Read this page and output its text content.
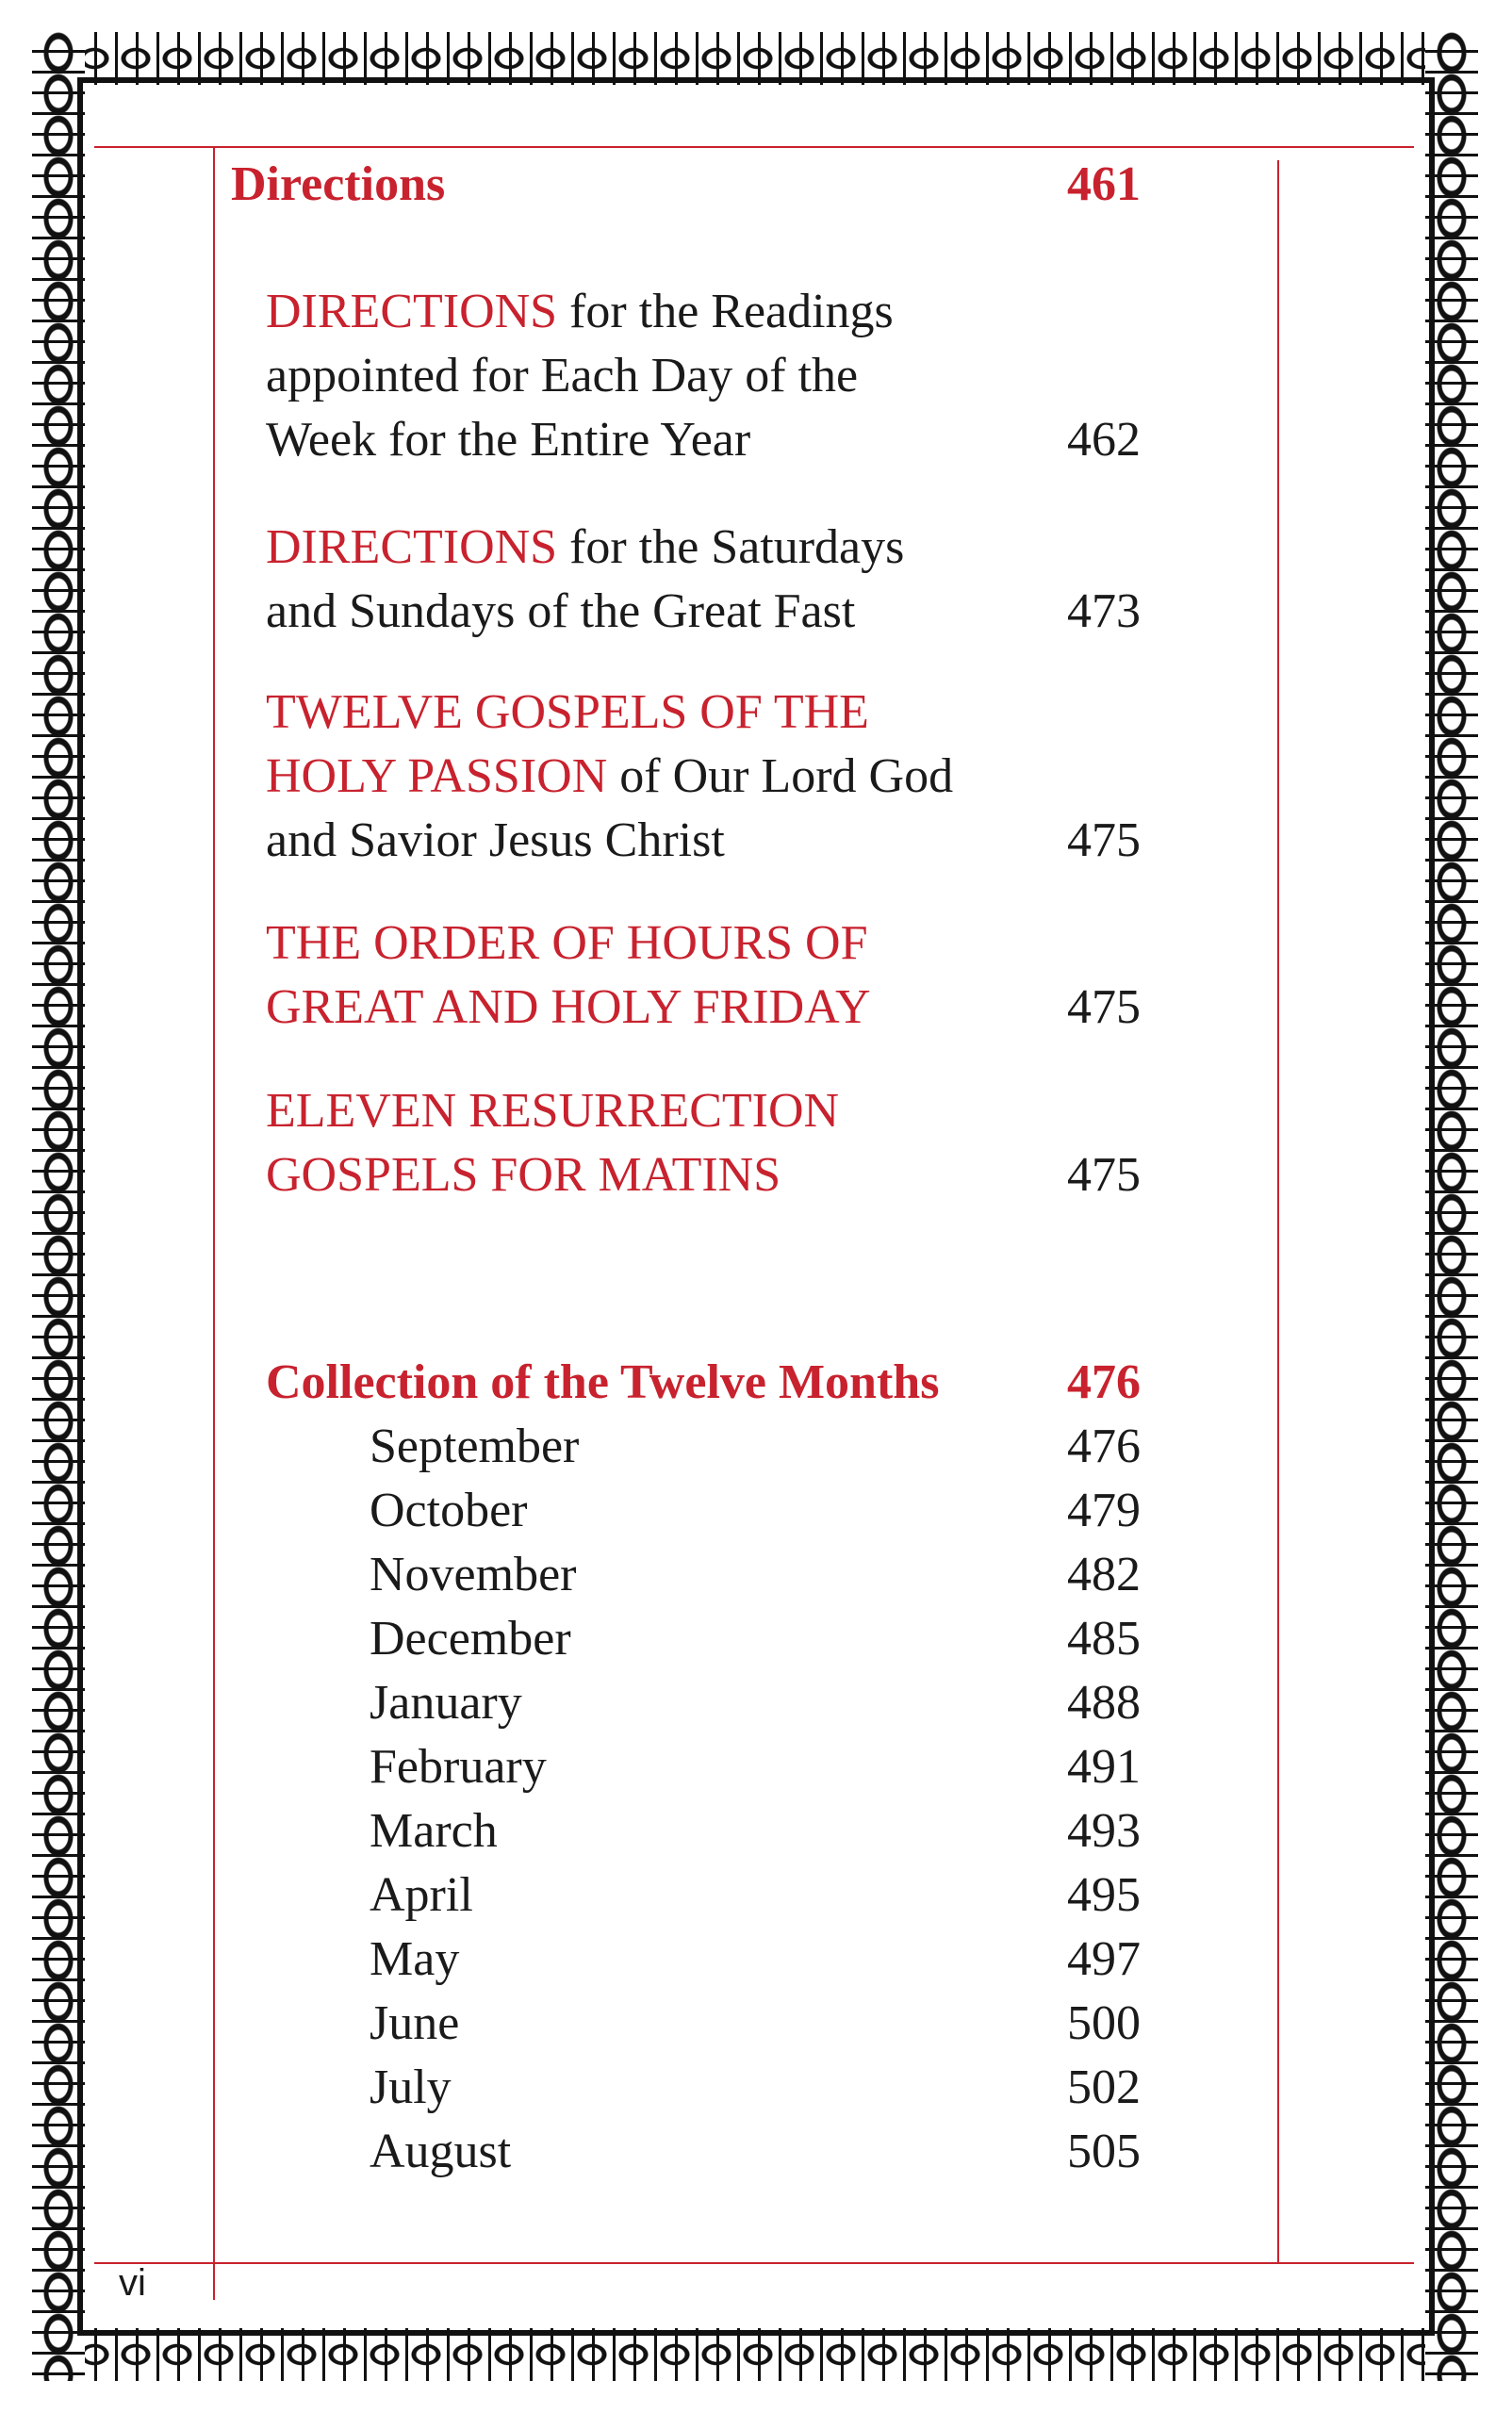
Directions	461
DIRECTIONS for the Readings
appointed for Each Day of the
Week for the Entire Year	462
DIRECTIONS for the Saturdays
and Sundays of the Great Fast	473
TWELVE GOSPELS OF THE
HOLY PASSION of Our Lord God
and Savior Jesus Christ	475
THE ORDER OF HOURS OF
GREAT AND HOLY FRIDAY	475
ELEVEN RESURRECTION
GOSPELS FOR MATINS	475
Collection of the Twelve Months	476
September	476
October	479
November	482
December	485
January	488
February	491
March	493
April	495
May	497
June	500
July	502
August	505
vi
